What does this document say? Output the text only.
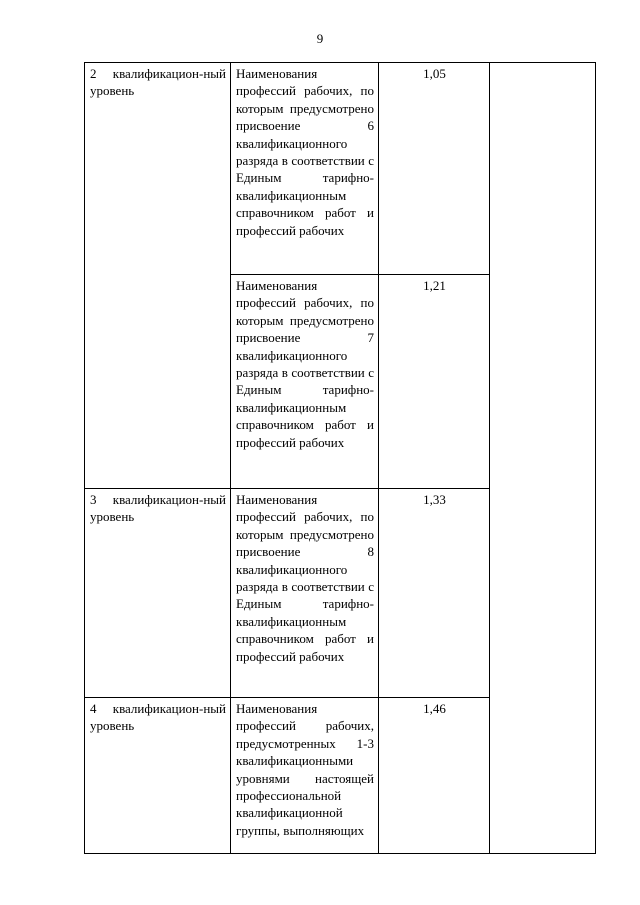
9
2 квалификацион-ный уровень	Наименования профессий рабочих, по которым предусмотрено присвоение 6 квалификационного разряда в соответствии с Единым тарифно-квалификационным справочником работ и профессий рабочих	1,05	
	Наименования профессий рабочих, по которым предусмотрено присвоение 7 квалификационного разряда в соответствии с Единым тарифно-квалификационным справочником работ и профессий рабочих	1,21	
3 квалификацион-ный уровень	Наименования профессий рабочих, по которым предусмотрено присвоение 8 квалификационного разряда в соответствии с Единым тарифно-квалификационным справочником работ и профессий рабочих	1,33	
4 квалификацион-ный уровень	Наименования профессий рабочих, предусмотренных 1-3 квалификационными уровнями настоящей профессиональной квалификационной группы, выполняющих	1,46	
